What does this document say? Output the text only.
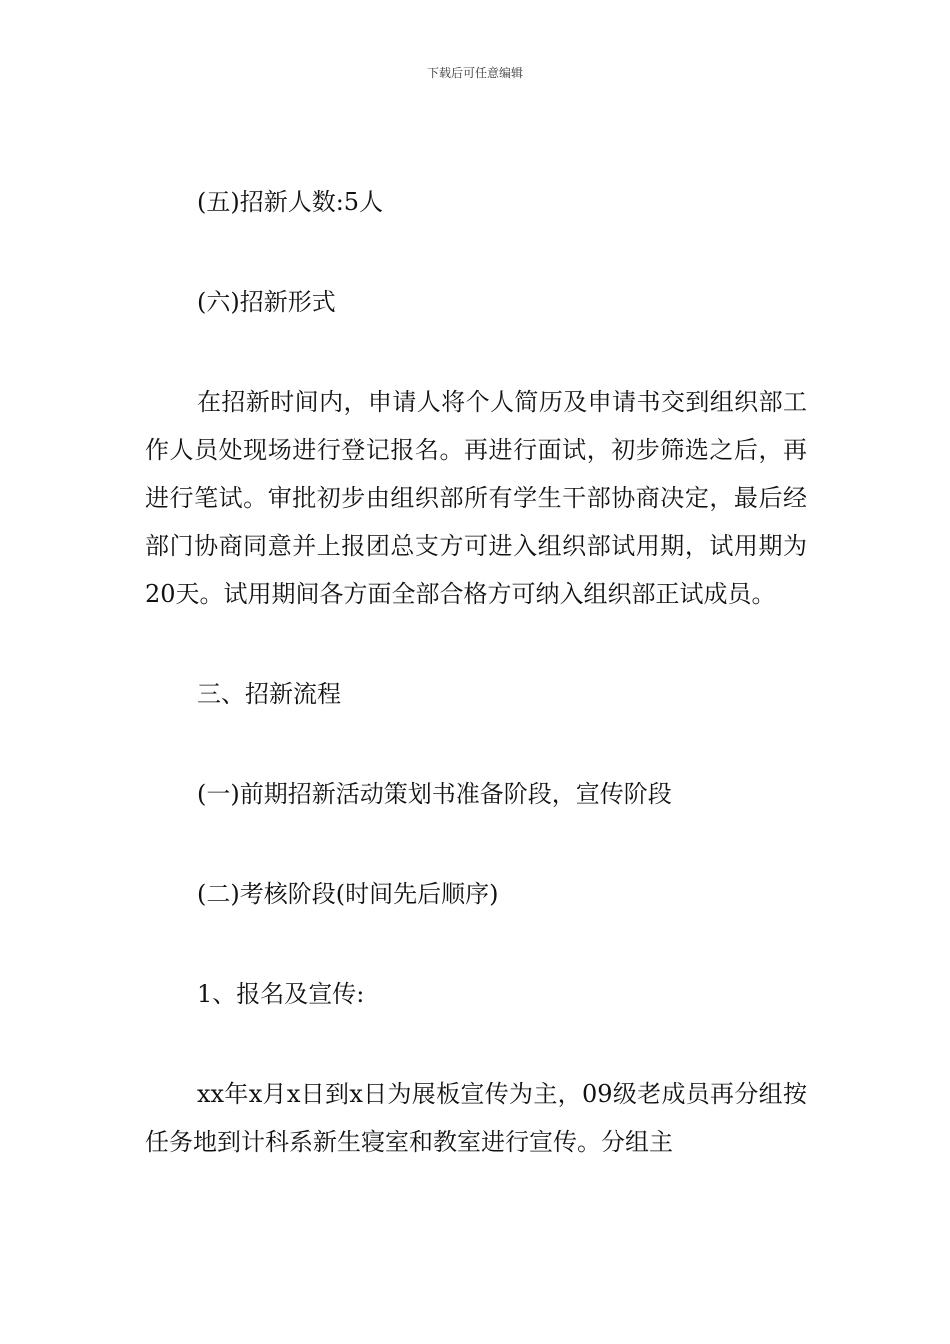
下载后可任意编辑

(五)招新人数:5人

(六)招新形式

在招新时间内，申请人将个人简历及申请书交到组织部工作人员处现场进行登记报名。再进行面试，初步筛选之后，再进行笔试。审批初步由组织部所有学生干部协商决定，最后经部门协商同意并上报团总支方可进入组织部试用期，试用期为20天。试用期间各方面全部合格方可纳入组织部正试成员。

三、招新流程

(一)前期招新活动策划书准备阶段，宣传阶段

(二)考核阶段(时间先后顺序)

1、报名及宣传:

xx年x月x日到x日为展板宣传为主，09级老成员再分组按任务地到计科系新生寝室和教室进行宣传。分组主
